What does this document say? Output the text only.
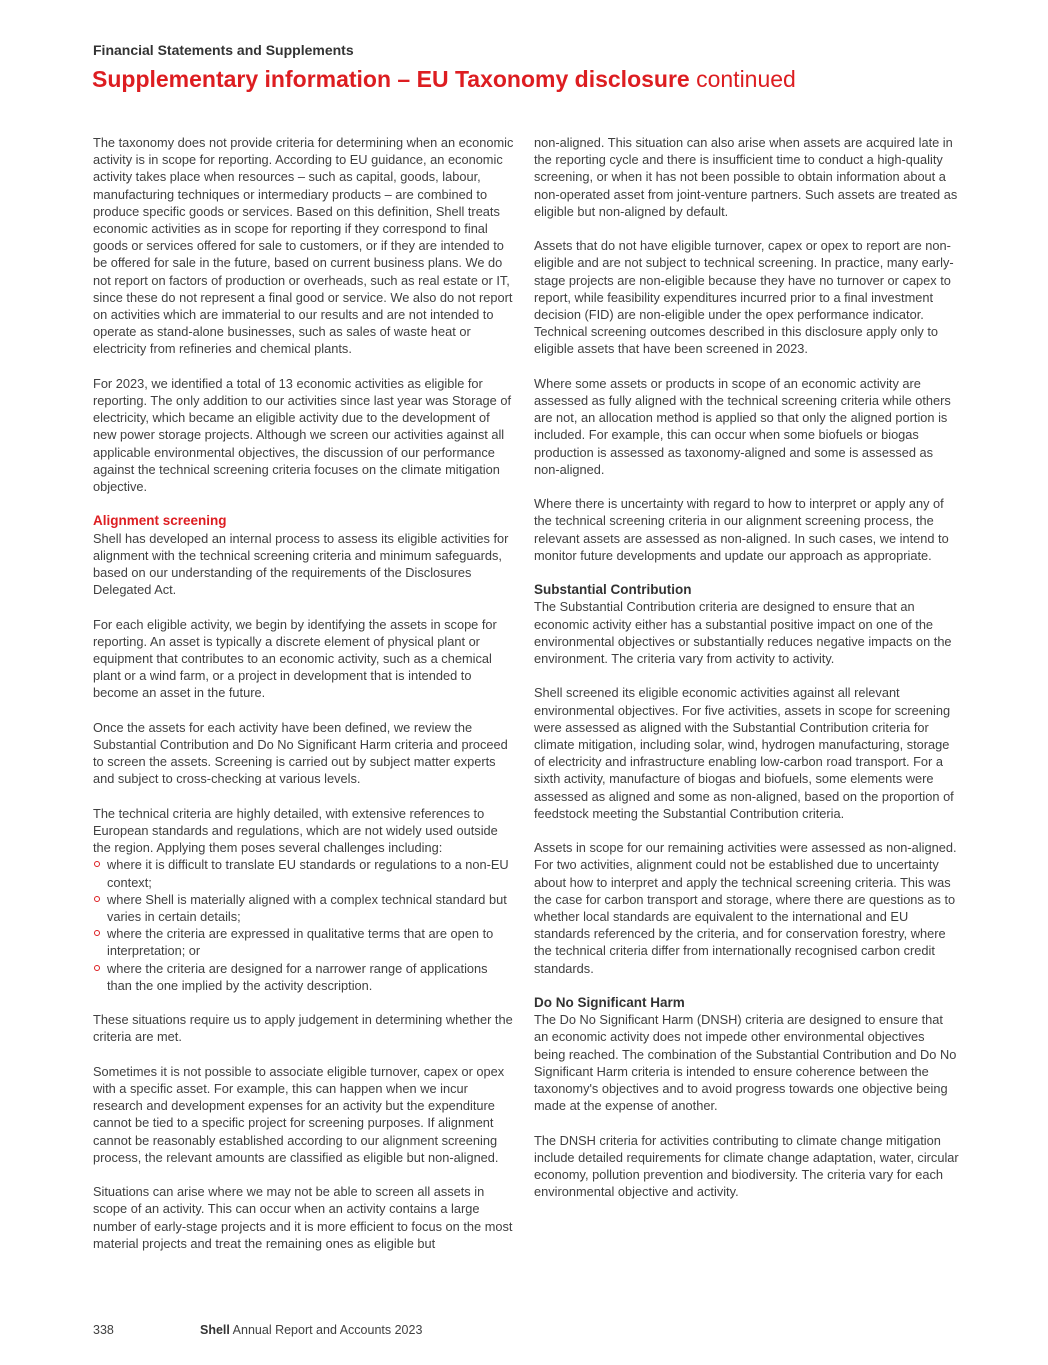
Financial Statements and Supplements
Supplementary information – EU Taxonomy disclosure continued

The taxonomy does not provide criteria for determining when an economic activity is in scope for reporting. According to EU guidance, an economic activity takes place when resources – such as capital, goods, labour, manufacturing techniques or intermediary products – are combined to produce specific goods or services. Based on this definition, Shell treats economic activities as in scope for reporting if they correspond to final goods or services offered for sale to customers, or if they are intended to be offered for sale in the future, based on current business plans. We do not report on factors of production or overheads, such as real estate or IT, since these do not represent a final good or service. We also do not report on activities which are immaterial to our results and are not intended to operate as stand-alone businesses, such as sales of waste heat or electricity from refineries and chemical plants.

For 2023, we identified a total of 13 economic activities as eligible for reporting. The only addition to our activities since last year was Storage of electricity, which became an eligible activity due to the development of new power storage projects. Although we screen our activities against all applicable environmental objectives, the discussion of our performance against the technical screening criteria focuses on the climate mitigation objective.

Alignment screening

Shell has developed an internal process to assess its eligible activities for alignment with the technical screening criteria and minimum safeguards, based on our understanding of the requirements of the Disclosures Delegated Act.

For each eligible activity, we begin by identifying the assets in scope for reporting. An asset is typically a discrete element of physical plant or equipment that contributes to an economic activity, such as a chemical plant or a wind farm, or a project in development that is intended to become an asset in the future.

Once the assets for each activity have been defined, we review the Substantial Contribution and Do No Significant Harm criteria and proceed to screen the assets. Screening is carried out by subject matter experts and subject to cross-checking at various levels.

The technical criteria are highly detailed, with extensive references to European standards and regulations, which are not widely used outside the region. Applying them poses several challenges including:

where it is difficult to translate EU standards or regulations to a non-EU context;
where Shell is materially aligned with a complex technical standard but varies in certain details;
where the criteria are expressed in qualitative terms that are open to interpretation; or
where the criteria are designed for a narrower range of applications than the one implied by the activity description.

These situations require us to apply judgement in determining whether the criteria are met.

Sometimes it is not possible to associate eligible turnover, capex or opex with a specific asset. For example, this can happen when we incur research and development expenses for an activity but the expenditure cannot be tied to a specific project for screening purposes. If alignment cannot be reasonably established according to our alignment screening process, the relevant amounts are classified as eligible but non-aligned.

Situations can arise where we may not be able to screen all assets in scope of an activity. This can occur when an activity contains a large number of early-stage projects and it is more efficient to focus on the most material projects and treat the remaining ones as eligible but

non-aligned. This situation can also arise when assets are acquired late in the reporting cycle and there is insufficient time to conduct a high-quality screening, or when it has not been possible to obtain information about a non-operated asset from joint-venture partners. Such assets are treated as eligible but non-aligned by default.

Assets that do not have eligible turnover, capex or opex to report are non-eligible and are not subject to technical screening. In practice, many early-stage projects are non-eligible because they have no turnover or capex to report, while feasibility expenditures incurred prior to a final investment decision (FID) are non-eligible under the opex performance indicator. Technical screening outcomes described in this disclosure apply only to eligible assets that have been screened in 2023.

Where some assets or products in scope of an economic activity are assessed as fully aligned with the technical screening criteria while others are not, an allocation method is applied so that only the aligned portion is included. For example, this can occur when some biofuels or biogas production is assessed as taxonomy-aligned and some is assessed as non-aligned.

Where there is uncertainty with regard to how to interpret or apply any of the technical screening criteria in our alignment screening process, the relevant assets are assessed as non-aligned. In such cases, we intend to monitor future developments and update our approach as appropriate.

Substantial Contribution

The Substantial Contribution criteria are designed to ensure that an economic activity either has a substantial positive impact on one of the environmental objectives or substantially reduces negative impacts on the environment. The criteria vary from activity to activity.

Shell screened its eligible economic activities against all relevant environmental objectives. For five activities, assets in scope for screening were assessed as aligned with the Substantial Contribution criteria for climate mitigation, including solar, wind, hydrogen manufacturing, storage of electricity and infrastructure enabling low-carbon road transport. For a sixth activity, manufacture of biogas and biofuels, some elements were assessed as aligned and some as non-aligned, based on the proportion of feedstock meeting the Substantial Contribution criteria.

Assets in scope for our remaining activities were assessed as non-aligned. For two activities, alignment could not be established due to uncertainty about how to interpret and apply the technical screening criteria. This was the case for carbon transport and storage, where there are questions as to whether local standards are equivalent to the international and EU standards referenced by the criteria, and for conservation forestry, where the technical criteria differ from internationally recognised carbon credit standards.

Do No Significant Harm

The Do No Significant Harm (DNSH) criteria are designed to ensure that an economic activity does not impede other environmental objectives being reached. The combination of the Substantial Contribution and Do No Significant Harm criteria is intended to ensure coherence between the taxonomy's objectives and to avoid progress towards one objective being made at the expense of another.

The DNSH criteria for activities contributing to climate change mitigation include detailed requirements for climate change adaptation, water, circular economy, pollution prevention and biodiversity. The criteria vary for each environmental objective and activity.

338	Shell Annual Report and Accounts 2023
